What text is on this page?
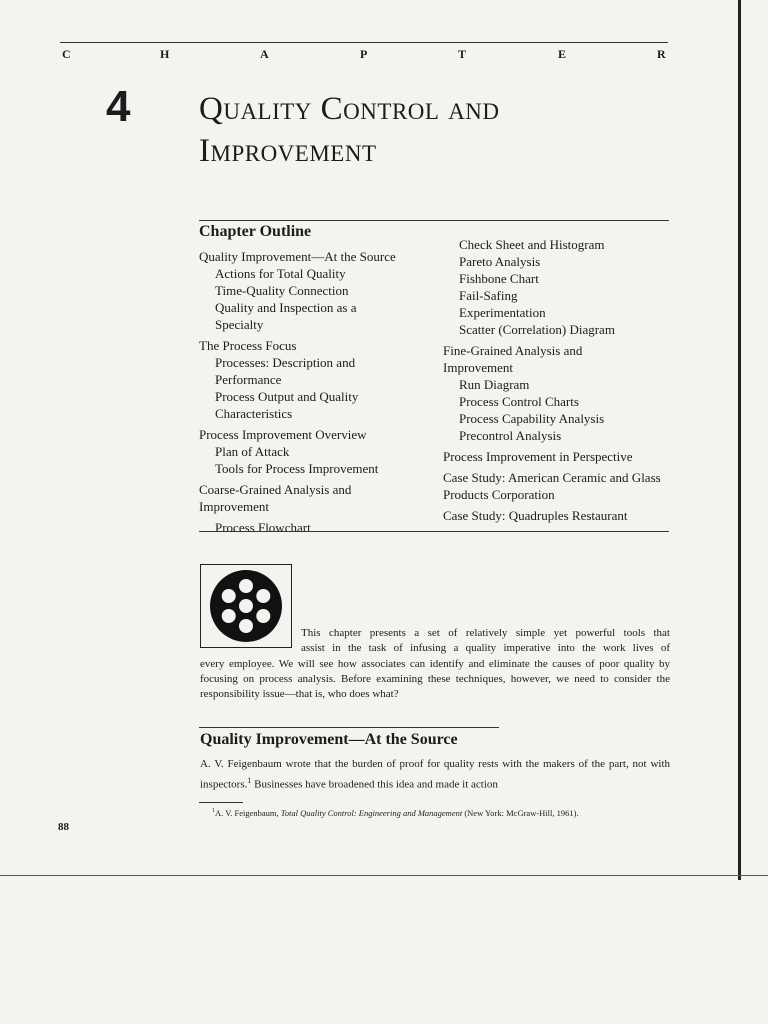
C	H	A	P	T	E	R
4 Quality Control and
Improvement
Chapter Outline
Quality Improvement—At the Source
Actions for Total Quality
Time-Quality Connection
Quality and Inspection as a Specialty
The Process Focus
Processes: Description and Performance
Process Output and Quality Characteristics
Process Improvement Overview
Plan of Attack
Tools for Process Improvement
Coarse-Grained Analysis and Improvement
Process Flowchart
Check Sheet and Histogram
Pareto Analysis
Fishbone Chart
Fail-Safing
Experimentation
Scatter (Correlation) Diagram
Fine-Grained Analysis and Improvement
Run Diagram
Process Control Charts
Process Capability Analysis
Precontrol Analysis
Process Improvement in Perspective
Case Study: American Ceramic and Glass Products Corporation
Case Study: Quadruples Restaurant
This chapter presents a set of relatively simple yet powerful tools that
assist in the task of infusing a quality imperative into the work lives of
every employee. We will see how associates can identify and eliminate the causes of poor quality by focusing on process analysis. Before examining these techniques, however, we need to consider the responsibility issue—that is, who does what?
Quality Improvement—At the Source
A. V. Feigenbaum wrote that the burden of proof for quality rests with the makers of the part, not with inspectors.$^1$ Businesses have broadened this idea and made it action
$^1$A. V. Feigenbaum, Total Quality Control: Engineering and Management (New York: McGraw-Hill, 1961).
88
